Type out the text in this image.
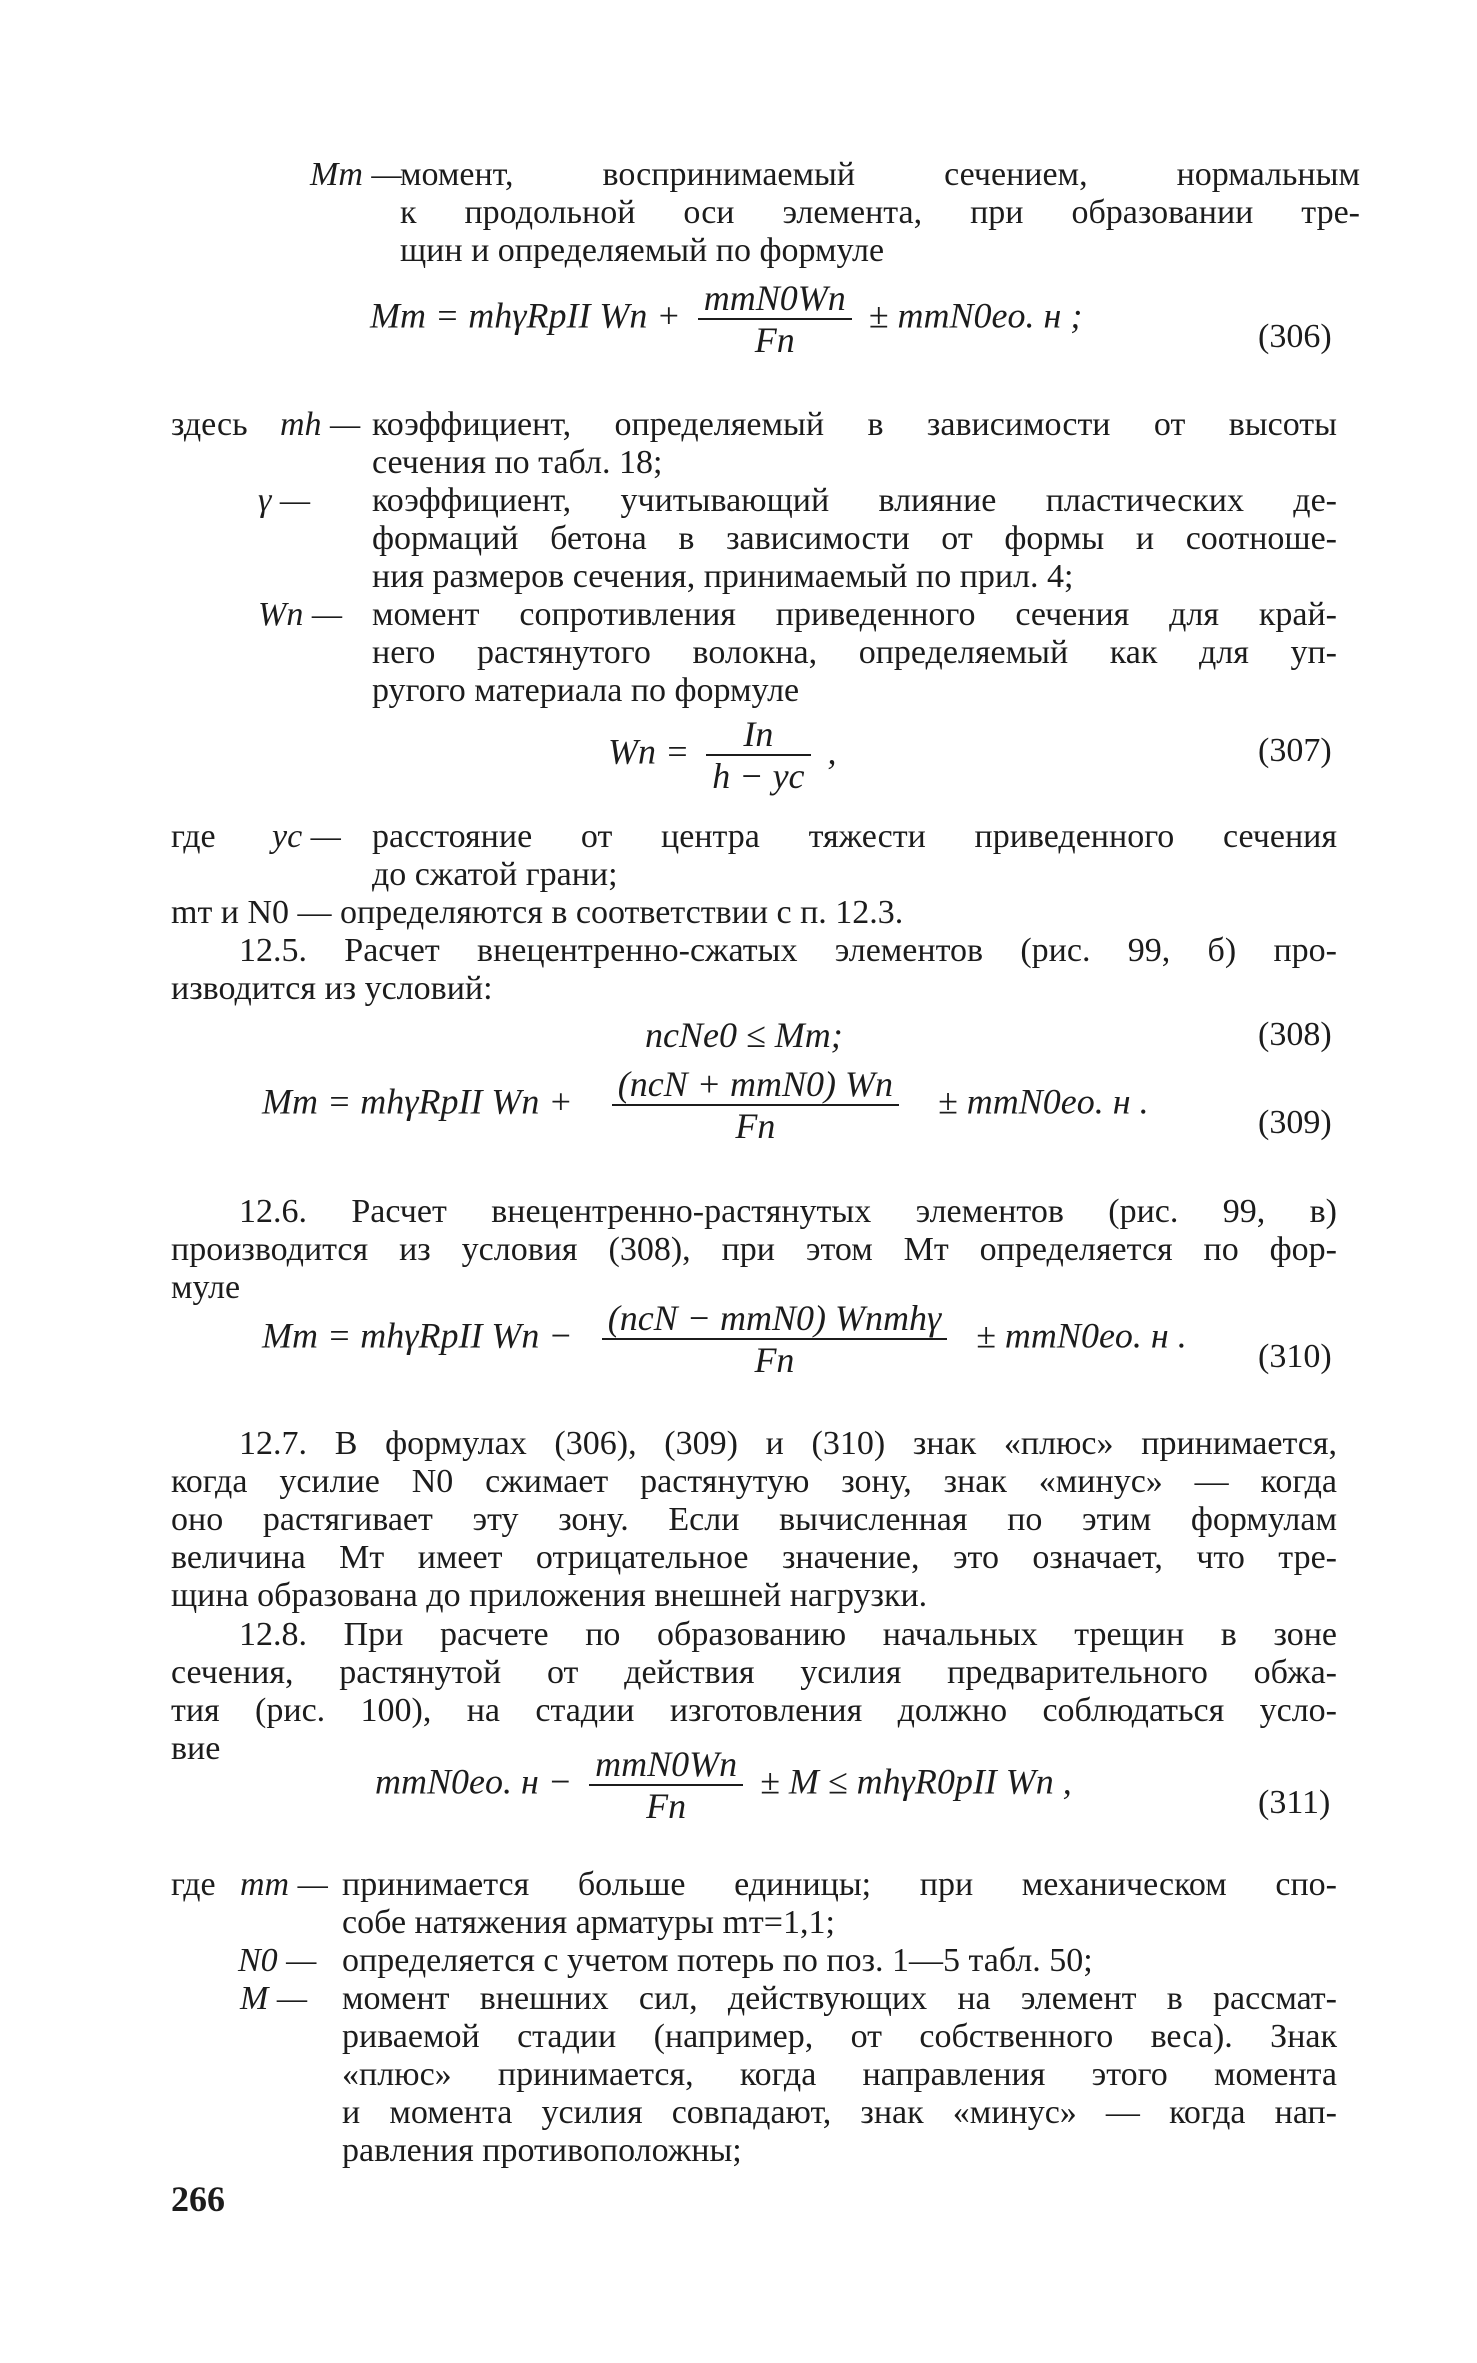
Mт —
момент, воспринимаемый сечением, нормальным
к продольной оси элемента, при образовании тре-
щин и определяемый по формуле
Mт = mhγRpII Wп + $\frac{\text{mтN0Wп}}{Fп} \pm mтN0eо$. н ;
(306)
здесь mh — коэффициент, определяемый в зависимости от высоты
сечения по табл. 18;
γ — коэффициент, учитывающий влияние пластических де-
формаций бетона в зависимости от формы и соотноше-
ния размеров сечения, принимаемый по прил. 4;
Wп — момент сопротивления приведенного сечения для край-
него растянутого волокна, определяемый как для уп-
ругого материала по формуле
Wп = $\frac{Iп}{h - yc}$ ,	(307)
где yc — расстояние от центра тяжести приведенного сечения
до сжатой грани;
mт и N0 — определяются в соответствии с п. 12.3.
12.5. Расчет внецентренно-сжатых элементов (рис. 99, б) про-
изводится из условий:
ncNe0 ≤ Mт;	(308)
Mт = mhγRpII Wп + $\frac{\text{(ncN + mтN0) Wп}}{Fп} \pm mтN0eо$. н .
(309)
12.6. Расчет внецентренно-растянутых элементов (рис. 99, в)
производится из условия (308), при этом Mт определяется по фор-
муле
Mт = mhγRpII Wп − $\frac{\text{(ncN − mтN0) Wпmhγ}}{Fп} \pm mтN0eо$. н .
(310)
12.7. В формулах (306), (309) и (310) знак «плюс» принимается,
когда усилие N0 сжимает растянутую зону, знак «минус» — когда
оно растягивает эту зону. Если вычисленная по этим формулам
величина Mт имеет отрицательное значение, это означает, что тре-
щина образована до приложения внешней нагрузки.
12.8. При расчете по образованию начальных трещин в зоне
сечения, растянутой от действия усилия предварительного обжа-
тия (рис. 100), на стадии изготовления должно соблюдаться усло-
вие
mтN0eо. $н - \frac{\text{mтN0Wп}}{Fп} \pm M \le mh\gamma R0pII$ Wп ,
(311)
где mт — принимается больше единицы; при механическом спо-
собе натяжения арматуры mт=1,1;
N0 — определяется с учетом потерь по поз. 1—5 табл. 50;
M — момент внешних сил, действующих на элемент в рассмат-
риваемой стадии (например, от собственного веса). Знак
«плюс» принимается, когда направления этого момента
и момента усилия совпадают, знак «минус» — когда нап-
равления противоположны;
266
